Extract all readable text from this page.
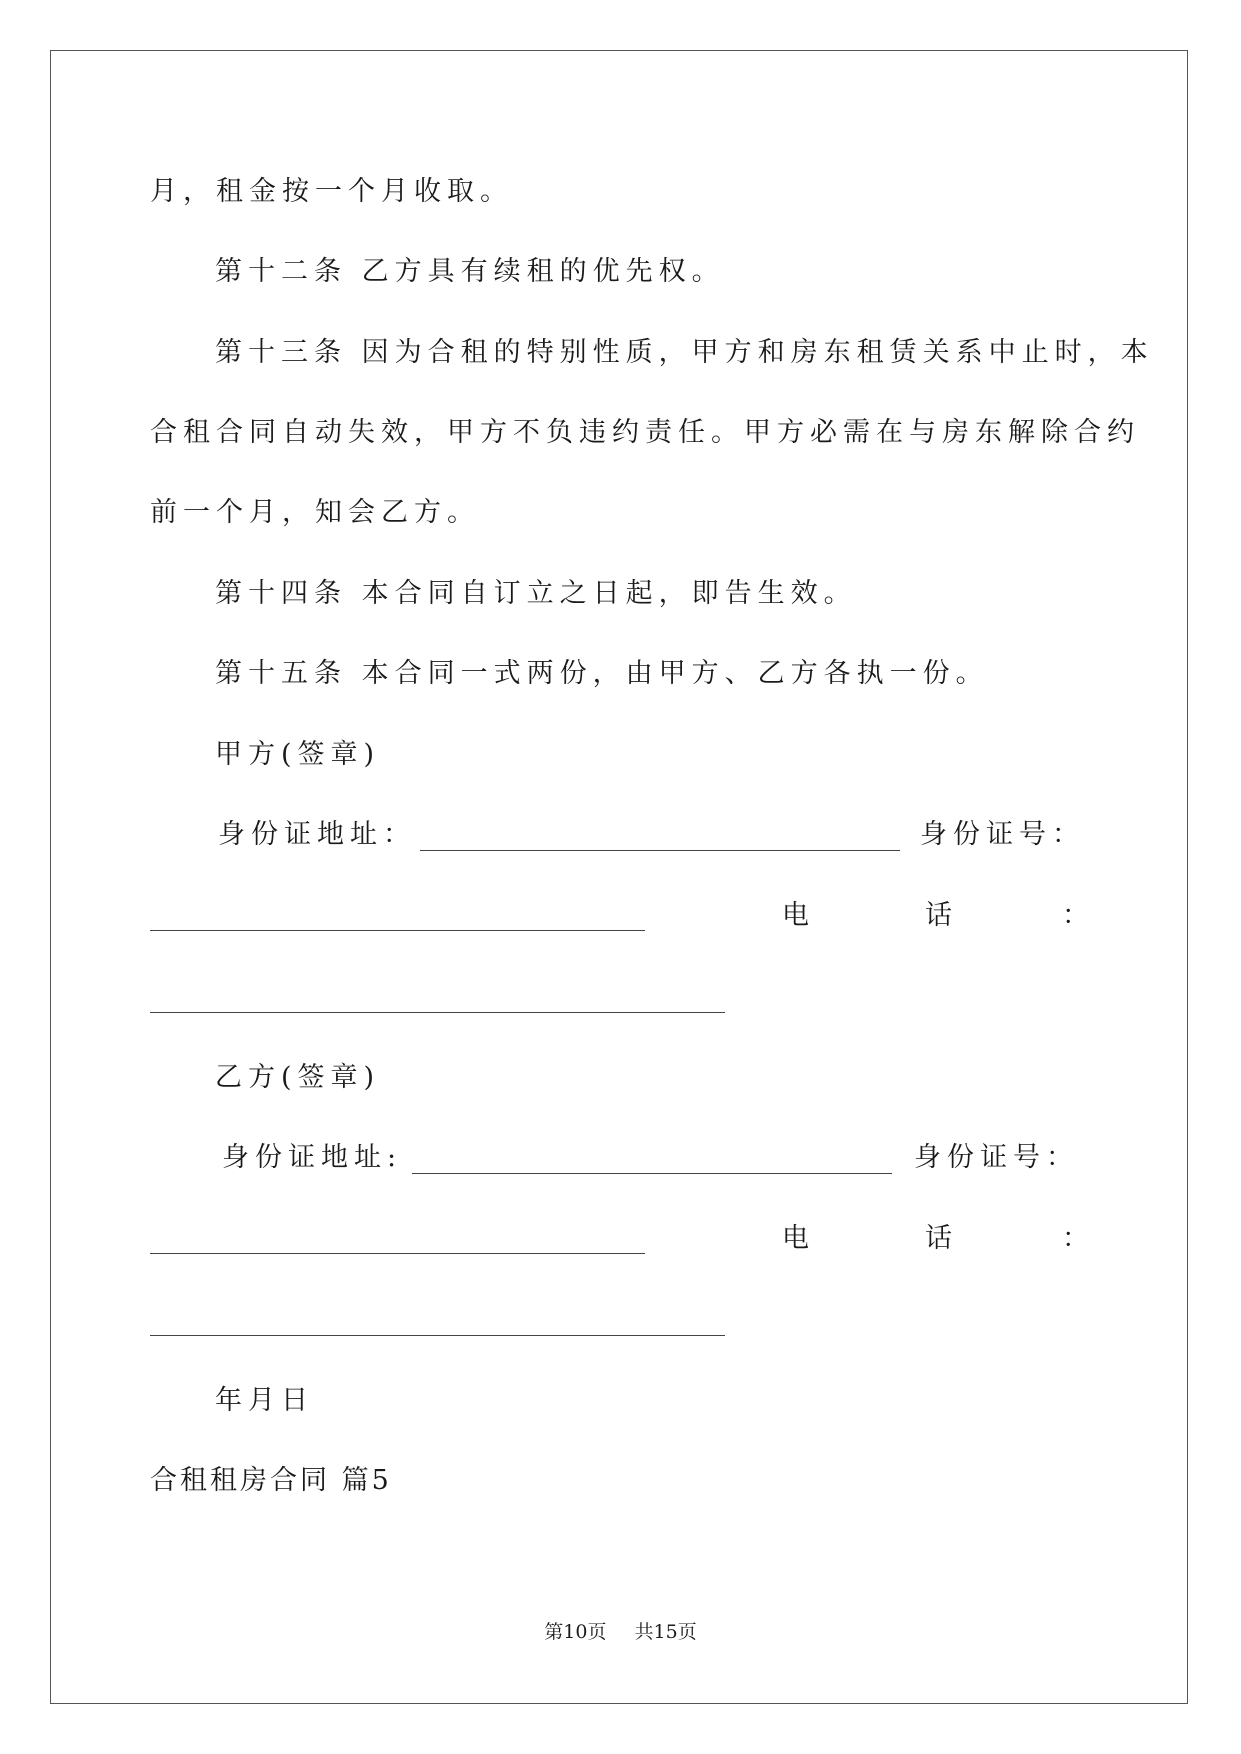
月，租金按一个月收取。
第十二条 乙方具有续租的优先权。
第十三条 因为合租的特别性质，甲方和房东租赁关系中止时，本
合租合同自动失效，甲方不负违约责任。甲方必需在与房东解除合约
前一个月，知会乙方。
第十四条 本合同自订立之日起，即告生效。
第十五条 本合同一式两份，由甲方、乙方各执一份。
甲方(签章)
身份证地址：	身份证号：
电	话	：
乙方(签章)
身份证地址:	身份证号：
电	话	：
年月日
合租租房合同 篇5
第10页 共15页
